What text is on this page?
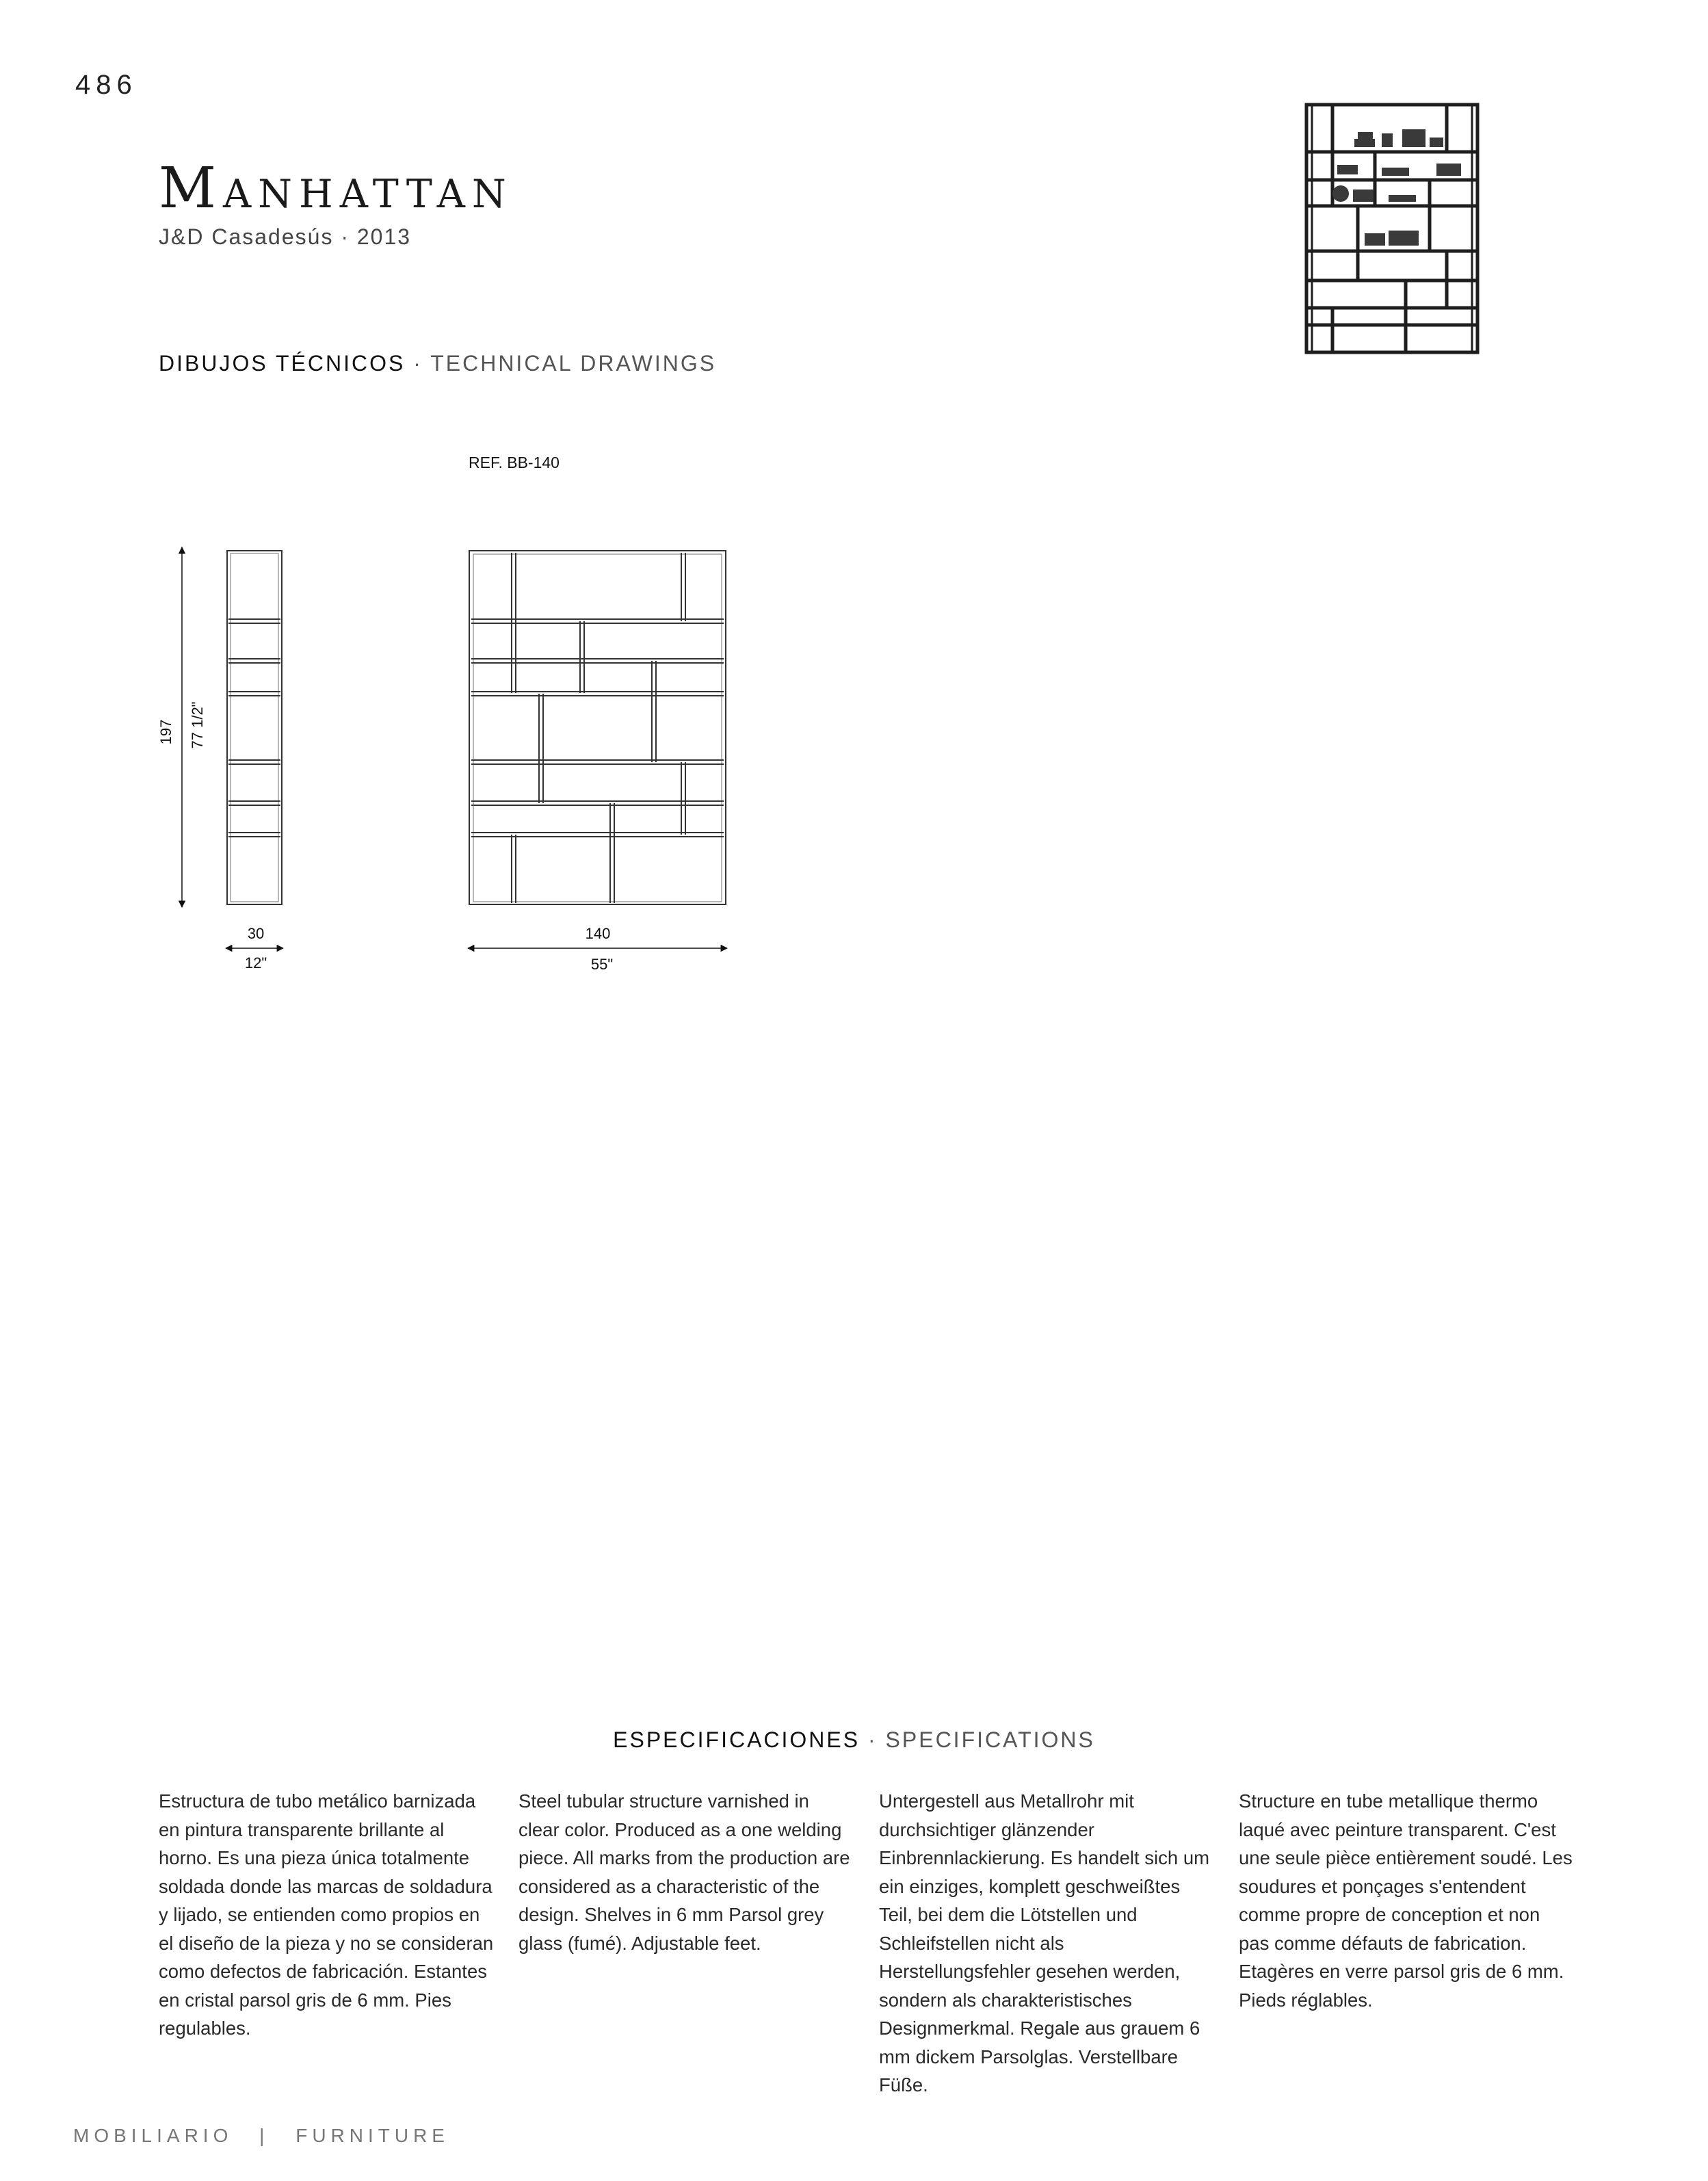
486
Manhattan
J&D Casadesús · 2013
DIBUJOS TÉCNICOS · TECHNICAL DRAWINGS
REF. BB-140
197 77 1/2"
30
12"
140
55"
ESPECIFICACIONES · SPECIFICATIONS
Estructura de tubo metálico barnizada en pintura transparente brillante al horno. Es una pieza única totalmente soldada donde las marcas de soldadura y lijado, se entienden como propios en el diseño de la pieza y no se consideran como defectos de fabricación. Estantes en cristal parsol gris de 6 mm. Pies regulables.
Steel tubular structure varnished in clear color. Produced as a one welding piece. All marks from the production are considered as a characteristic of the design. Shelves in 6 mm Parsol grey glass (fumé). Adjustable feet.
Untergestell aus Metallrohr mit durchsichtiger glänzender Einbrennlackierung. Es handelt sich um ein einziges, komplett geschweißtes Teil, bei dem die Lötstellen und Schleifstellen nicht als Herstellungsfehler gesehen werden, sondern als charakteristisches Designmerkmal. Regale aus grauem 6 mm dickem Parsolglas. Verstellbare Füße.
Structure en tube metallique thermo laqué avec peinture transparent. C'est une seule pièce entièrement soudé. Les soudures et ponçages s'entendent comme propre de conception et non pas comme défauts de fabrication. Etagères en verre parsol gris de 6 mm.
Pieds réglables.
MOBILIARIO | FURNITURE
